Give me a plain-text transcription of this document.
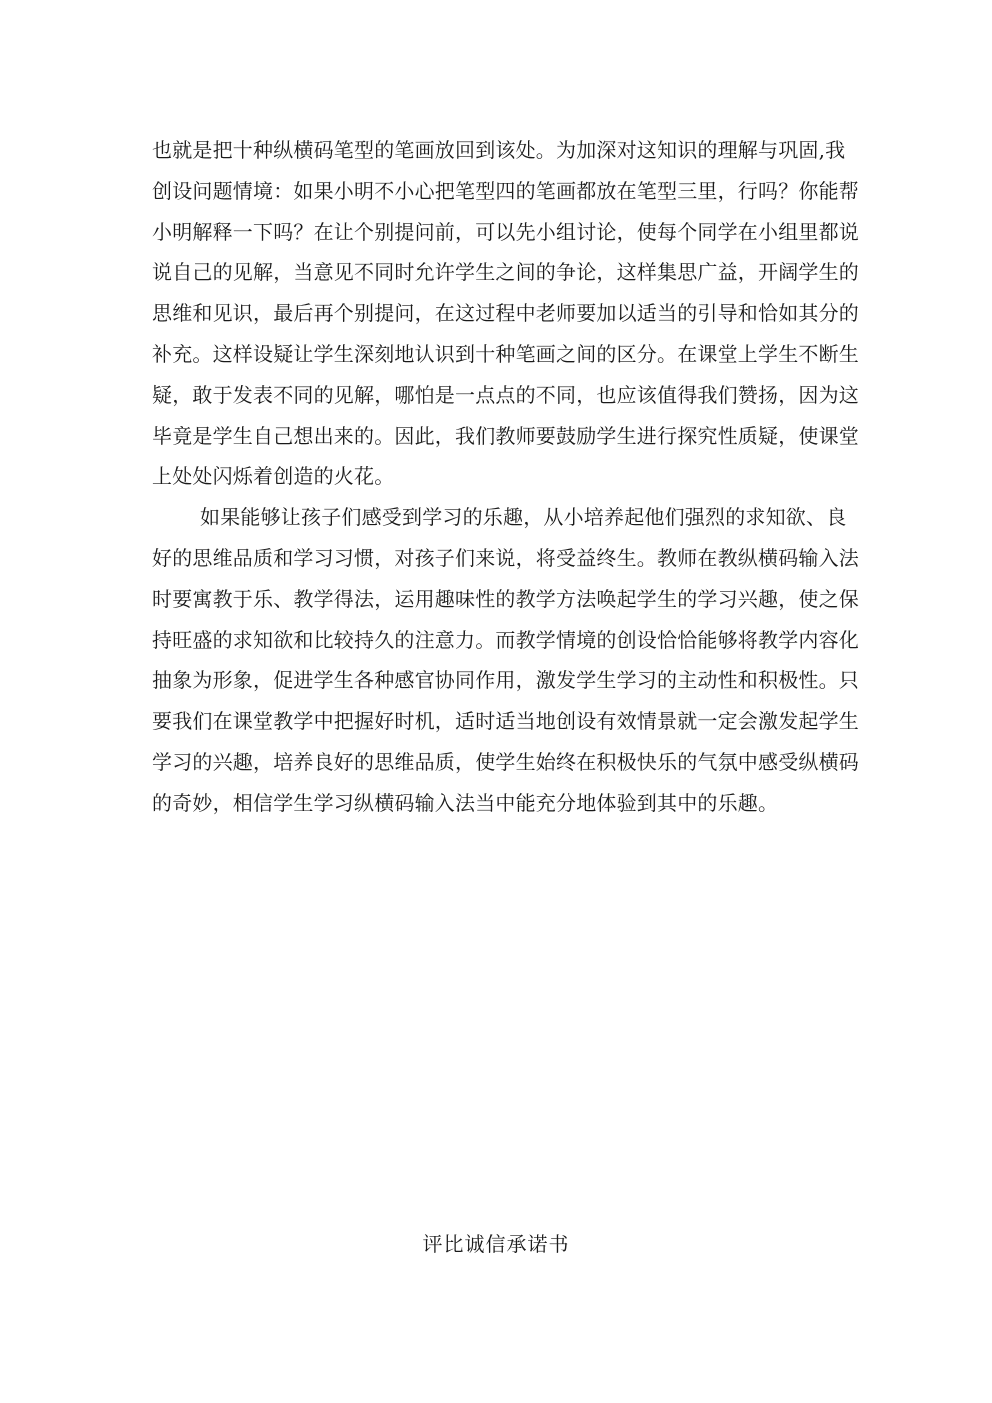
也就是把十种纵横码笔型的笔画放回到该处。为加深对这知识的理解与巩固,我
创设问题情境：如果小明不小心把笔型四的笔画都放在笔型三里，行吗？你能帮
小明解释一下吗？在让个别提问前，可以先小组讨论，使每个同学在小组里都说
说自己的见解，当意见不同时允许学生之间的争论，这样集思广益，开阔学生的
思维和见识，最后再个别提问，在这过程中老师要加以适当的引导和恰如其分的
补充。这样设疑让学生深刻地认识到十种笔画之间的区分。在课堂上学生不断生
疑，敢于发表不同的见解，哪怕是一点点的不同，也应该值得我们赞扬，因为这
毕竟是学生自己想出来的。因此，我们教师要鼓励学生进行探究性质疑，使课堂
上处处闪烁着创造的火花。
如果能够让孩子们感受到学习的乐趣，从小培养起他们强烈的求知欲、良
好的思维品质和学习习惯，对孩子们来说，将受益终生。教师在教纵横码输入法
时要寓教于乐、教学得法，运用趣味性的教学方法唤起学生的学习兴趣，使之保
持旺盛的求知欲和比较持久的注意力。而教学情境的创设恰恰能够将教学内容化
抽象为形象，促进学生各种感官协同作用，激发学生学习的主动性和积极性。只
要我们在课堂教学中把握好时机，适时适当地创设有效情景就一定会激发起学生
学习的兴趣，培养良好的思维品质，使学生始终在积极快乐的气氛中感受纵横码
的奇妙，相信学生学习纵横码输入法当中能充分地体验到其中的乐趣。
评比诚信承诺书
